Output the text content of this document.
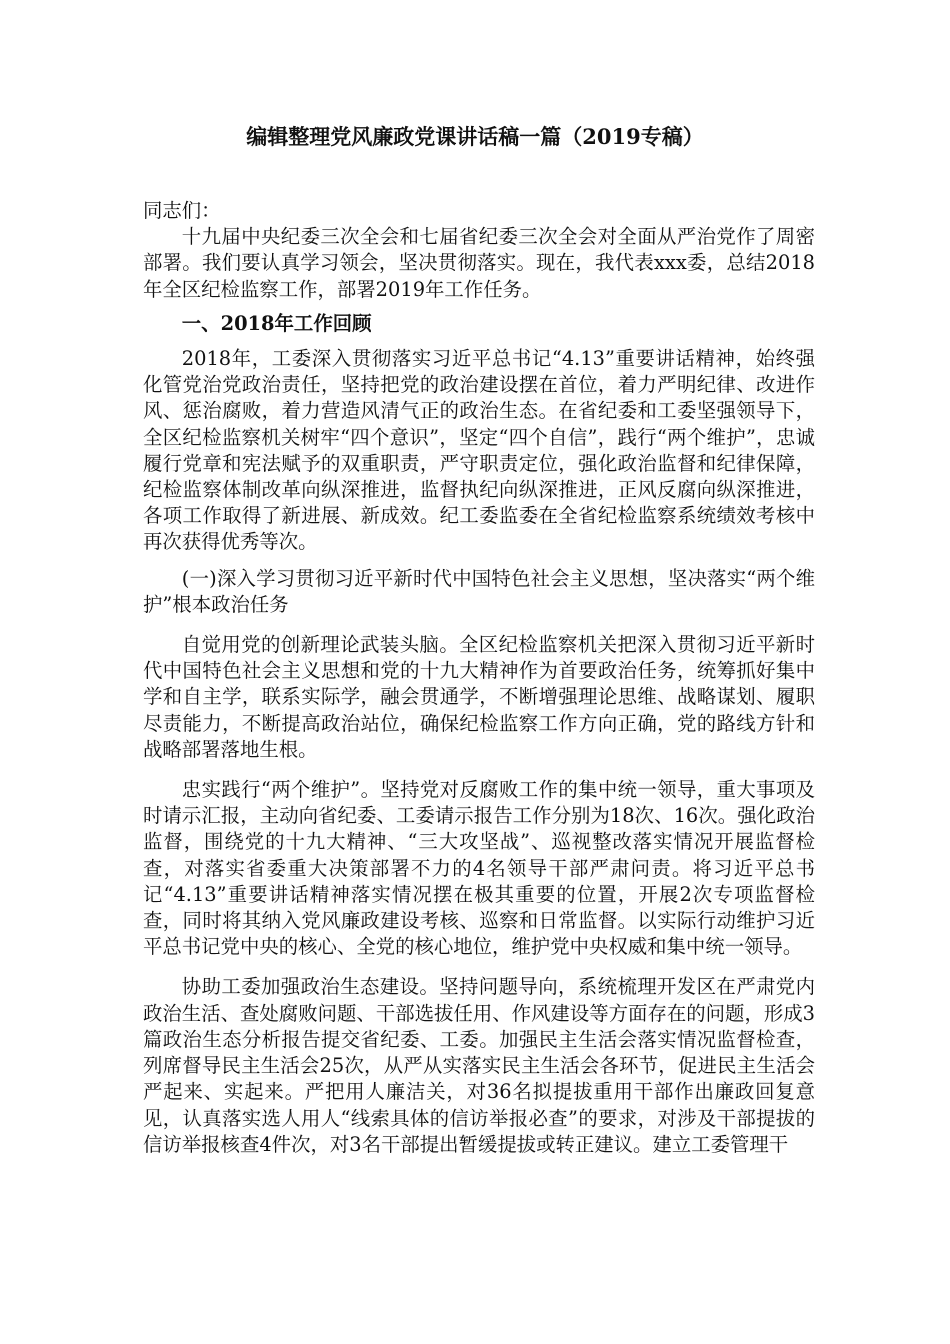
编辑整理党风廉政党课讲话稿一篇（2019专稿）

同志们：

十九届中央纪委三次全会和七届省纪委三次全会对全面从严治党作了周密部署。我们要认真学习领会，坚决贯彻落实。现在，我代表xxx委，总结2018年全区纪检监察工作，部署2019年工作任务。

一、2018年工作回顾

2018年，工委深入贯彻落实习近平总书记“4.13”重要讲话精神，始终强化管党治党政治责任，坚持把党的政治建设摆在首位，着力严明纪律、改进作风、惩治腐败，着力营造风清气正的政治生态。在省纪委和工委坚强领导下，全区纪检监察机关树牢“四个意识”，坚定“四个自信”，践行“两个维护”，忠诚履行党章和宪法赋予的双重职责，严守职责定位，强化政治监督和纪律保障，纪检监察体制改革向纵深推进，监督执纪向纵深推进，正风反腐向纵深推进，各项工作取得了新进展、新成效。纪工委监委在全省纪检监察系统绩效考核中再次获得优秀等次。

(一)深入学习贯彻习近平新时代中国特色社会主义思想，坚决落实“两个维护”根本政治任务

自觉用党的创新理论武装头脑。全区纪检监察机关把深入贯彻习近平新时代中国特色社会主义思想和党的十九大精神作为首要政治任务，统筹抓好集中学和自主学，联系实际学，融会贯通学，不断增强理论思维、战略谋划、履职尽责能力，不断提高政治站位，确保纪检监察工作方向正确，党的路线方针和战略部署落地生根。

忠实践行“两个维护”。坚持党对反腐败工作的集中统一领导，重大事项及时请示汇报，主动向省纪委、工委请示报告工作分别为18次、16次。强化政治监督，围绕党的十九大精神、“三大攻坚战”、巡视整改落实情况开展监督检查，对落实省委重大决策部署不力的4名领导干部严肃问责。将习近平总书记“4.13”重要讲话精神落实情况摆在极其重要的位置，开展2次专项监督检查，同时将其纳入党风廉政建设考核、巡察和日常监督。以实际行动维护习近平总书记党中央的核心、全党的核心地位，维护党中央权威和集中统一领导。

协助工委加强政治生态建设。坚持问题导向，系统梳理开发区在严肃党内政治生活、查处腐败问题、干部选拔任用、作风建设等方面存在的问题，形成3篇政治生态分析报告提交省纪委、工委。加强民主生活会落实情况监督检查，列席督导民主生活会25次，从严从实落实民主生活会各环节，促进民主生活会严起来、实起来。严把用人廉洁关，对36名拟提拔重用干部作出廉政回复意见，认真落实选人用人“线索具体的信访举报必查”的要求，对涉及干部提拔的信访举报核查4件次，对3名干部提出暂缓提拔或转正建议。建立工委管理干
